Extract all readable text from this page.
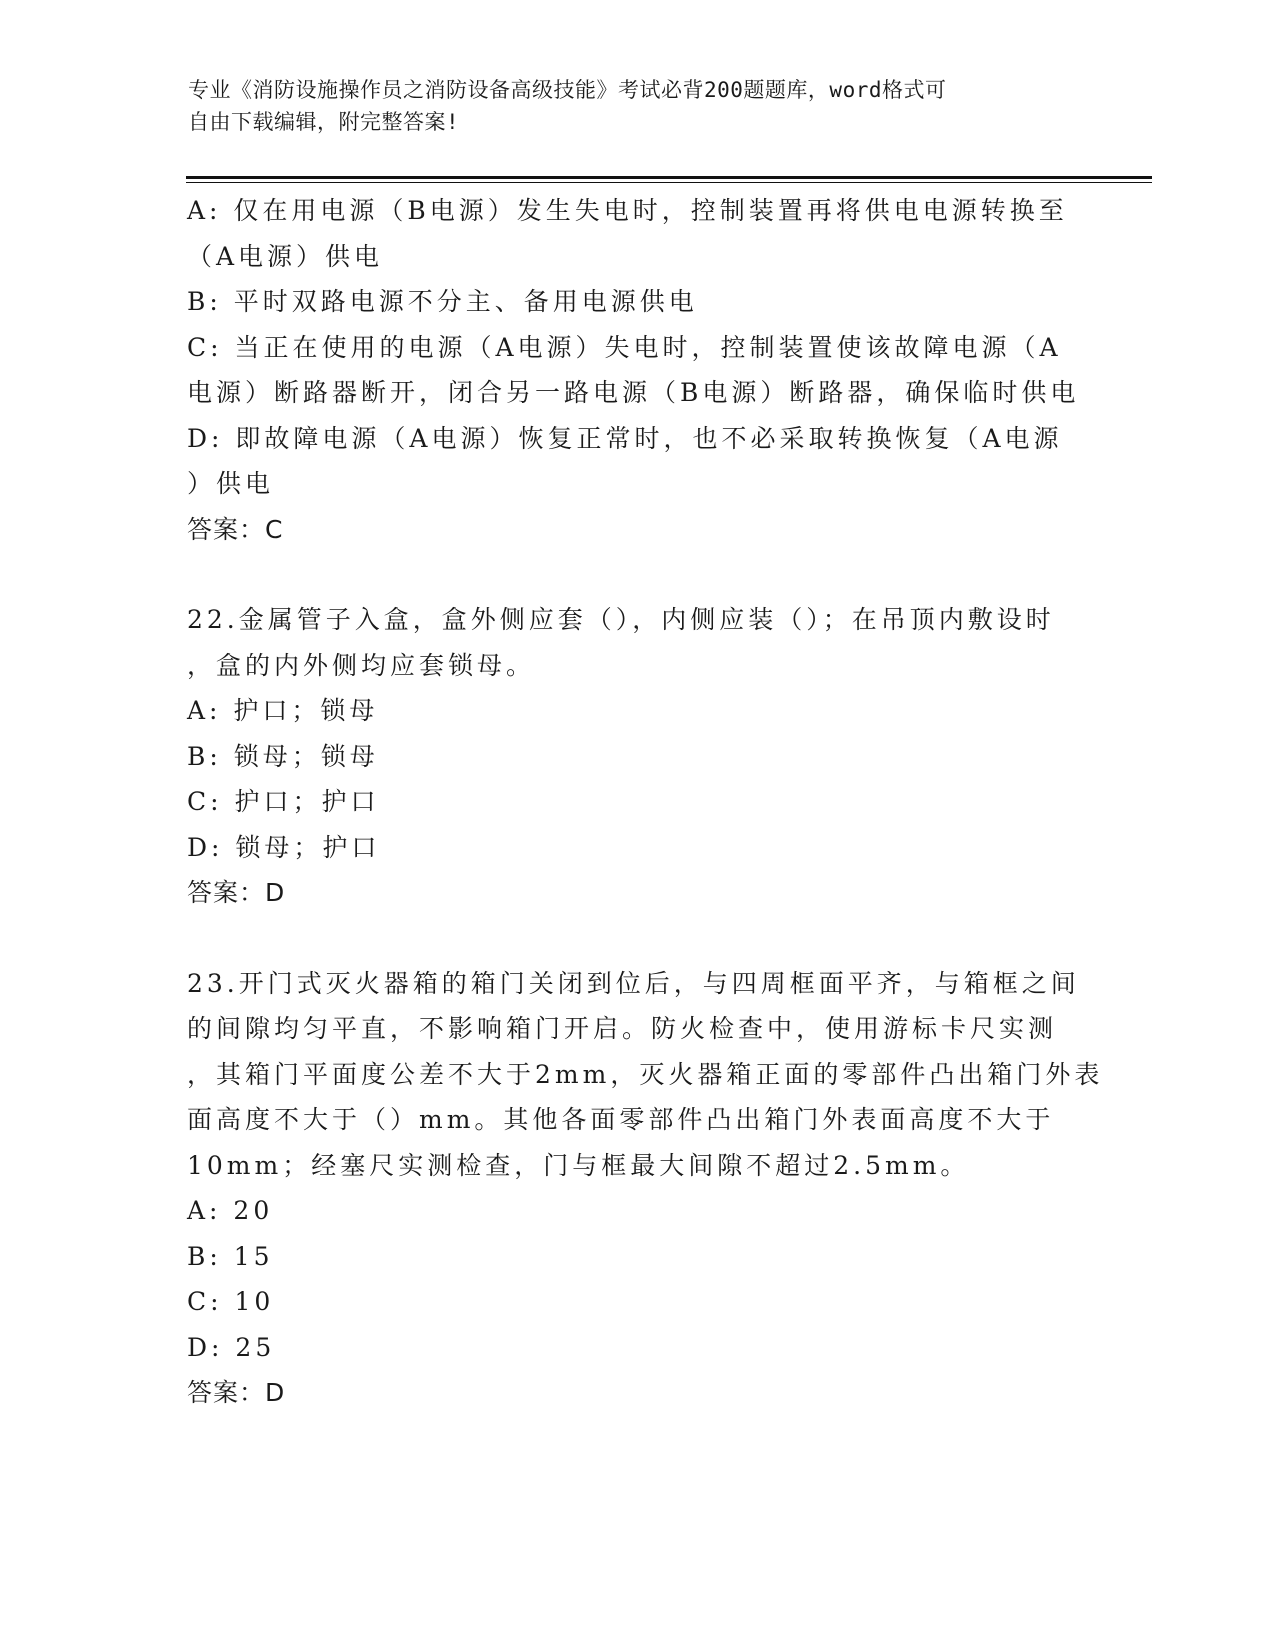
专业《消防设施操作员之消防设备高级技能》考试必背200题题库，word格式可
自由下载编辑，附完整答案!
A: 仅在用电源（B电源）发生失电时，控制装置再将供电电源转换至
（A电源）供电
B: 平时双路电源不分主、备用电源供电
C: 当正在使用的电源（A电源）失电时，控制装置使该故障电源（A
电源）断路器断开，闭合另一路电源（B电源）断路器，确保临时供电
D: 即故障电源（A电源）恢复正常时，也不必采取转换恢复（A电源
）供电
答案：C
22.金属管子入盒，盒外侧应套（），内侧应装（）；在吊顶内敷设时
，盒的内外侧均应套锁母。
A: 护口；锁母
B: 锁母；锁母
C: 护口；护口
D: 锁母；护口
答案：D
23.开门式灭火器箱的箱门关闭到位后，与四周框面平齐，与箱框之间
的间隙均匀平直，不影响箱门开启。防火检查中，使用游标卡尺实测
，其箱门平面度公差不大于2mm，灭火器箱正面的零部件凸出箱门外表
面高度不大于（）mm。其他各面零部件凸出箱门外表面高度不大于
10mm；经塞尺实测检查，门与框最大间隙不超过2.5mm。
A: 20
B: 15
C: 10
D: 25
答案：D
